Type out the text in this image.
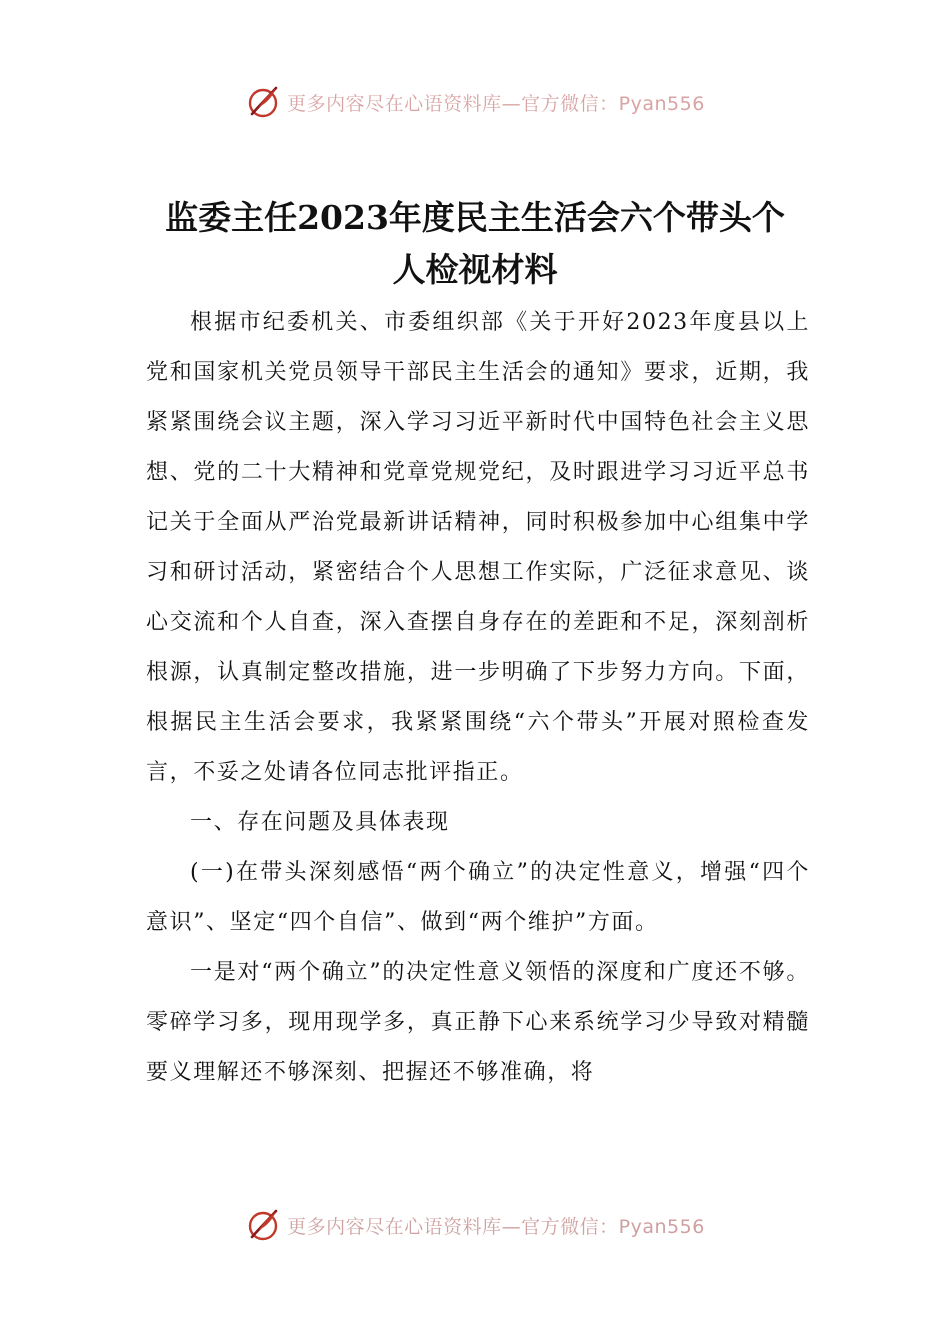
更多内容尽在心语资料库—官方微信：Pyan556
监委主任2023年度民主生活会六个带头个
人检视材料

根据市纪委机关、市委组织部《关于开好2023年度县以上党和国家机关党员领导干部民主生活会的通知》要求，近期，我紧紧围绕会议主题，深入学习习近平新时代中国特色社会主义思想、党的二十大精神和党章党规党纪，及时跟进学习习近平总书记关于全面从严治党最新讲话精神，同时积极参加中心组集中学习和研讨活动，紧密结合个人思想工作实际，广泛征求意见、谈心交流和个人自查，深入查摆自身存在的差距和不足，深刻剖析根源，认真制定整改措施，进一步明确了下步努力方向。下面，根据民主生活会要求，我紧紧围绕“六个带头”开展对照检查发言，不妥之处请各位同志批评指正。

一、存在问题及具体表现

(一)在带头深刻感悟“两个确立”的决定性意义，增强“四个意识”、坚定“四个自信”、做到“两个维护”方面。

一是对“两个确立”的决定性意义领悟的深度和广度还不够。零碎学习多，现用现学多，真正静下心来系统学习少导致对精髓要义理解还不够深刻、把握还不够准确，将

更多内容尽在心语资料库—官方微信：Pyan556
